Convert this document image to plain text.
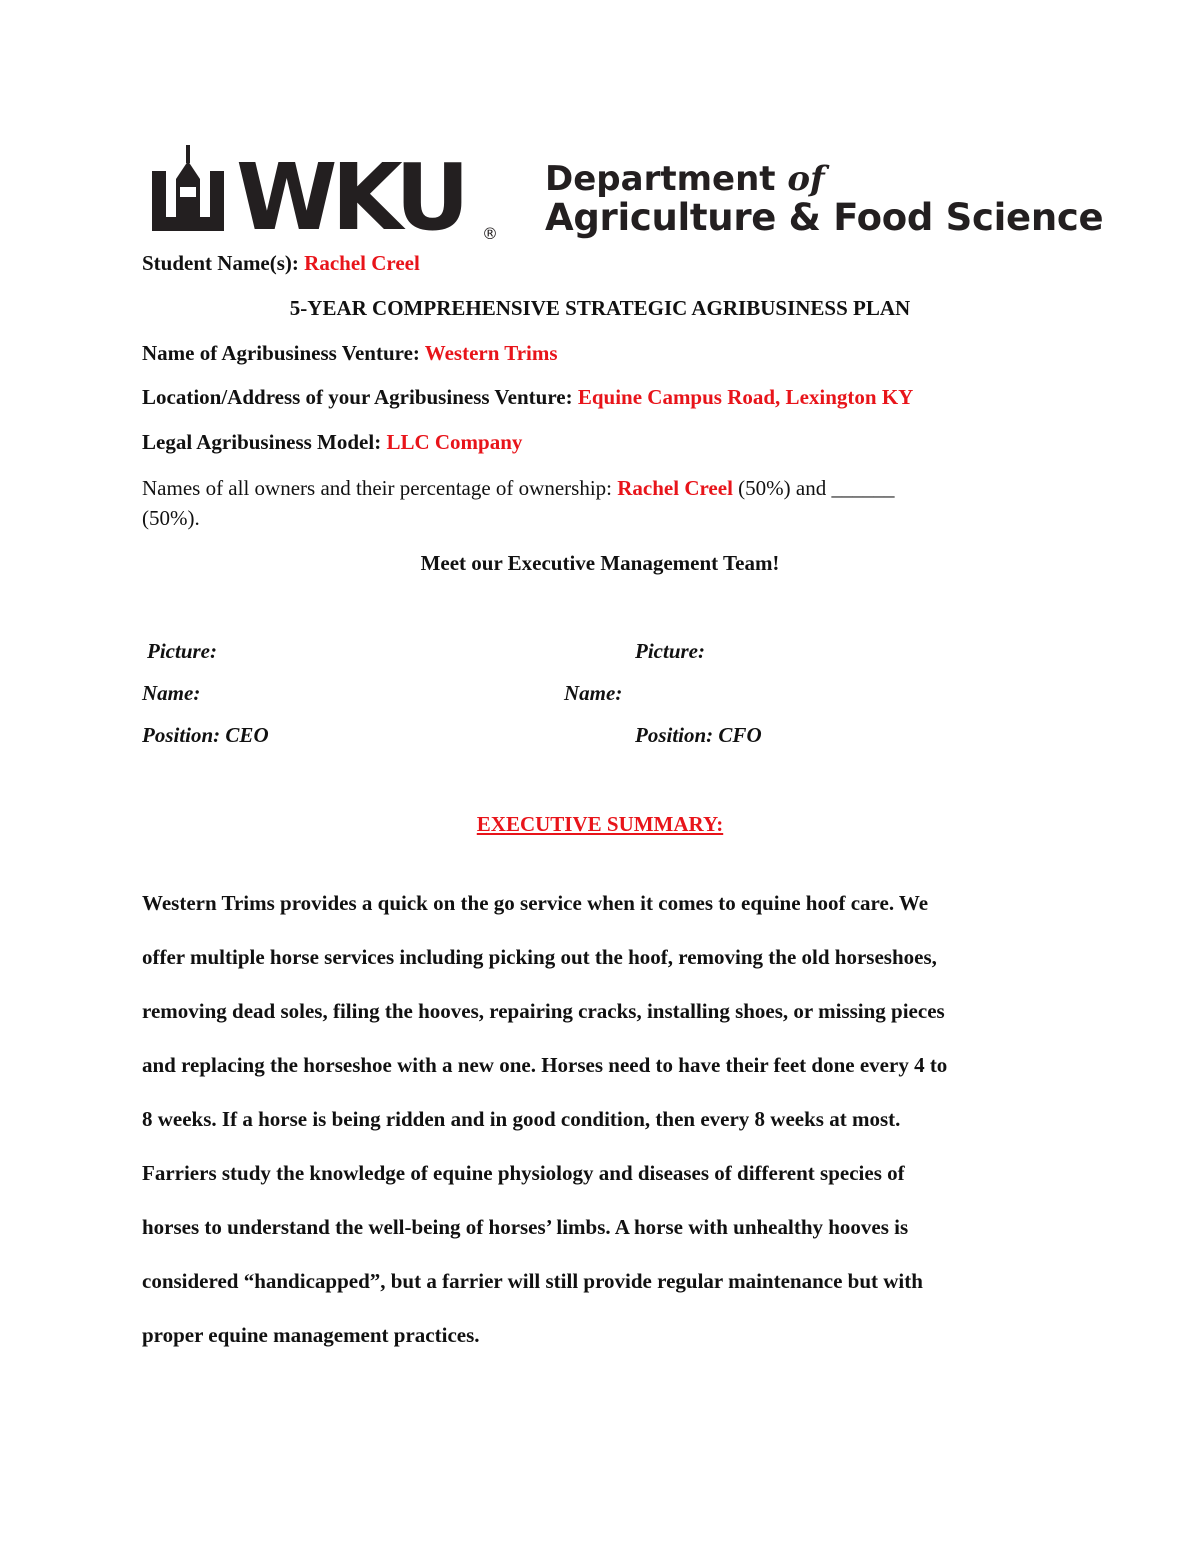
WKU ®
Department of
Agriculture & Food Science
Student Name(s): Rachel Creel
5-YEAR COMPREHENSIVE STRATEGIC AGRIBUSINESS PLAN
Name of Agribusiness Venture: Western Trims
Location/Address of your Agribusiness Venture: Equine Campus Road, Lexington KY
Legal Agribusiness Model: LLC Company
Names of all owners and their percentage of ownership: Rachel Creel (50%) and ______
(50%).
Meet our Executive Management Team!
Picture:
Name:
Position: CEO
Picture:
Name:
Position: CFO
EXECUTIVE SUMMARY:
Western Trims provides a quick on the go service when it comes to equine hoof care. We
offer multiple horse services including picking out the hoof, removing the old horseshoes,
removing dead soles, filing the hooves, repairing cracks, installing shoes, or missing pieces
and replacing the horseshoe with a new one. Horses need to have their feet done every 4 to
8 weeks. If a horse is being ridden and in good condition, then every 8 weeks at most.
Farriers study the knowledge of equine physiology and diseases of different species of
horses to understand the well-being of horses’ limbs. A horse with unhealthy hooves is
considered “handicapped”, but a farrier will still provide regular maintenance but with
proper equine management practices.
